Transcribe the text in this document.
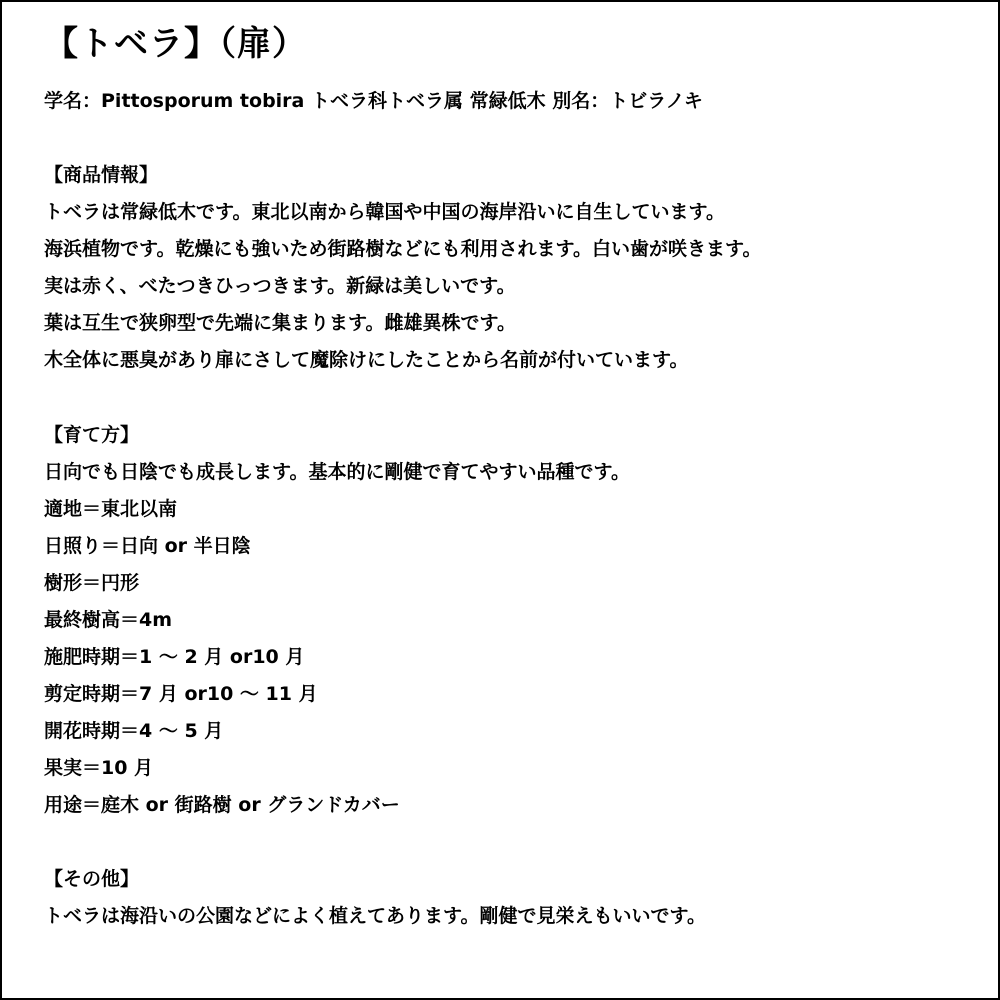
【トベラ】（扉）
学名：Pittosporum tobira トベラ科トベラ属 常緑低木 別名：トビラノキ
【商品情報】
トベラは常緑低木です。東北以南から韓国や中国の海岸沿いに自生しています。
海浜植物です。乾燥にも強いため街路樹などにも利用されます。白い歯が咲きます。
実は赤く、べたつきひっつきます。新緑は美しいです。
葉は互生で狭卵型で先端に集まります。雌雄異株です。
木全体に悪臭があり扉にさして魔除けにしたことから名前が付いています。
【育て方】
日向でも日陰でも成長します。基本的に剛健で育てやすい品種です。
適地＝東北以南
日照り＝日向 or 半日陰
樹形＝円形
最終樹高＝4m
施肥時期＝1 ～ 2 月 or10 月
剪定時期＝7 月 or10 ～ 11 月
開花時期＝4 ～ 5 月
果実＝10 月
用途＝庭木 or 街路樹 or グランドカバー
【その他】
トベラは海沿いの公園などによく植えてあります。剛健で見栄えもいいです。
